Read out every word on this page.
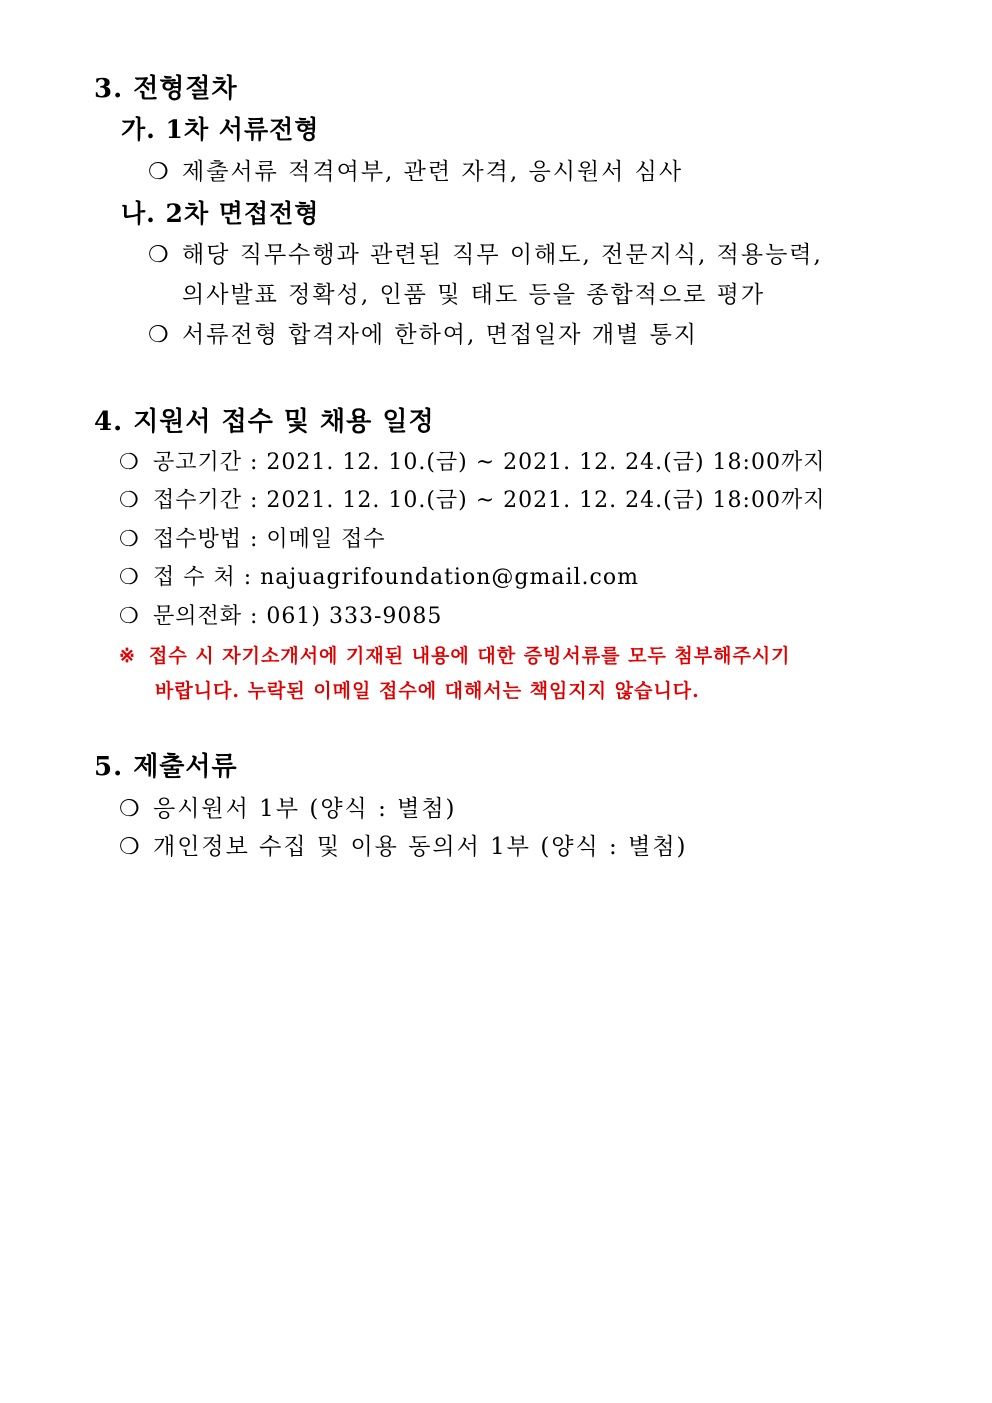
3. 전형절차
가. 1차 서류전형
❍ 제출서류 적격여부, 관련 자격, 응시원서 심사
나. 2차 면접전형
❍ 해당 직무수행과 관련된 직무 이해도, 전문지식, 적용능력,
의사발표 정확성, 인품 및 태도 등을 종합적으로 평가
❍ 서류전형 합격자에 한하여, 면접일자 개별 통지
4. 지원서 접수 및 채용 일정
❍ 공고기간 : 2021. 12. 10.(금) ~ 2021. 12. 24.(금) 18:00까지
❍ 접수기간 : 2021. 12. 10.(금) ~ 2021. 12. 24.(금) 18:00까지
❍ 접수방법 : 이메일 접수
❍ 접 수 처 : najuagrifoundation@gmail.com
❍ 문의전화 : 061) 333-9085
※ 접수 시 자기소개서에 기재된 내용에 대한 증빙서류를 모두 첨부해주시기
바랍니다. 누락된 이메일 접수에 대해서는 책임지지 않습니다.
5. 제출서류
❍ 응시원서 1부 (양식 : 별첨)
❍ 개인정보 수집 및 이용 동의서 1부 (양식 : 별첨)
